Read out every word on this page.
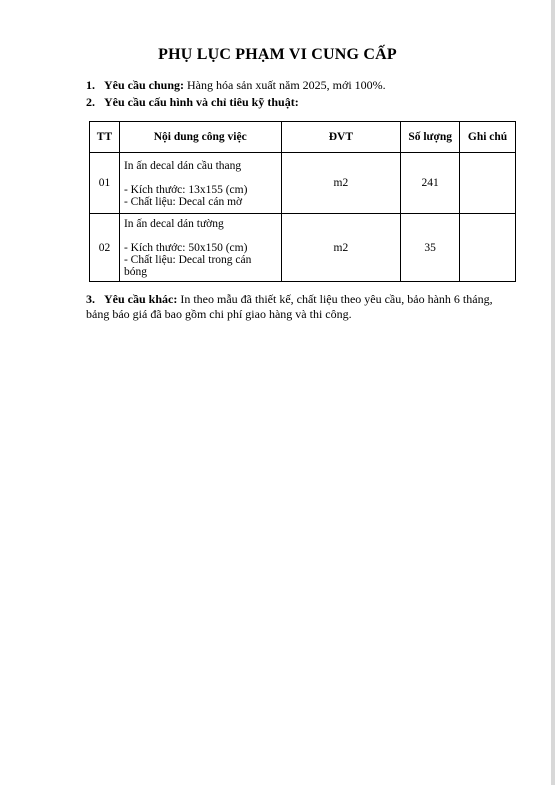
PHỤ LỤC PHẠM VI CUNG CẤP
1. Yêu cầu chung: Hàng hóa sản xuất năm 2025, mới 100%.
2. Yêu cầu cấu hình và chỉ tiêu kỹ thuật:
TT	Nội dung công việc	ĐVT	Số lượng	Ghi chú
01	In ấn decal dán cầu thang
- Kích thước: 13x155 (cm)
- Chất liệu: Decal cán mờ	m2	241	
02	In ấn decal dán tường
- Kích thước: 50x150 (cm)
- Chất liệu: Decal trong cán bóng	m2	35	
3. Yêu cầu khác: In theo mẫu đã thiết kế, chất liệu theo yêu cầu, bảo hành 6 tháng, bảng báo giá đã bao gồm chi phí giao hàng và thi công.
